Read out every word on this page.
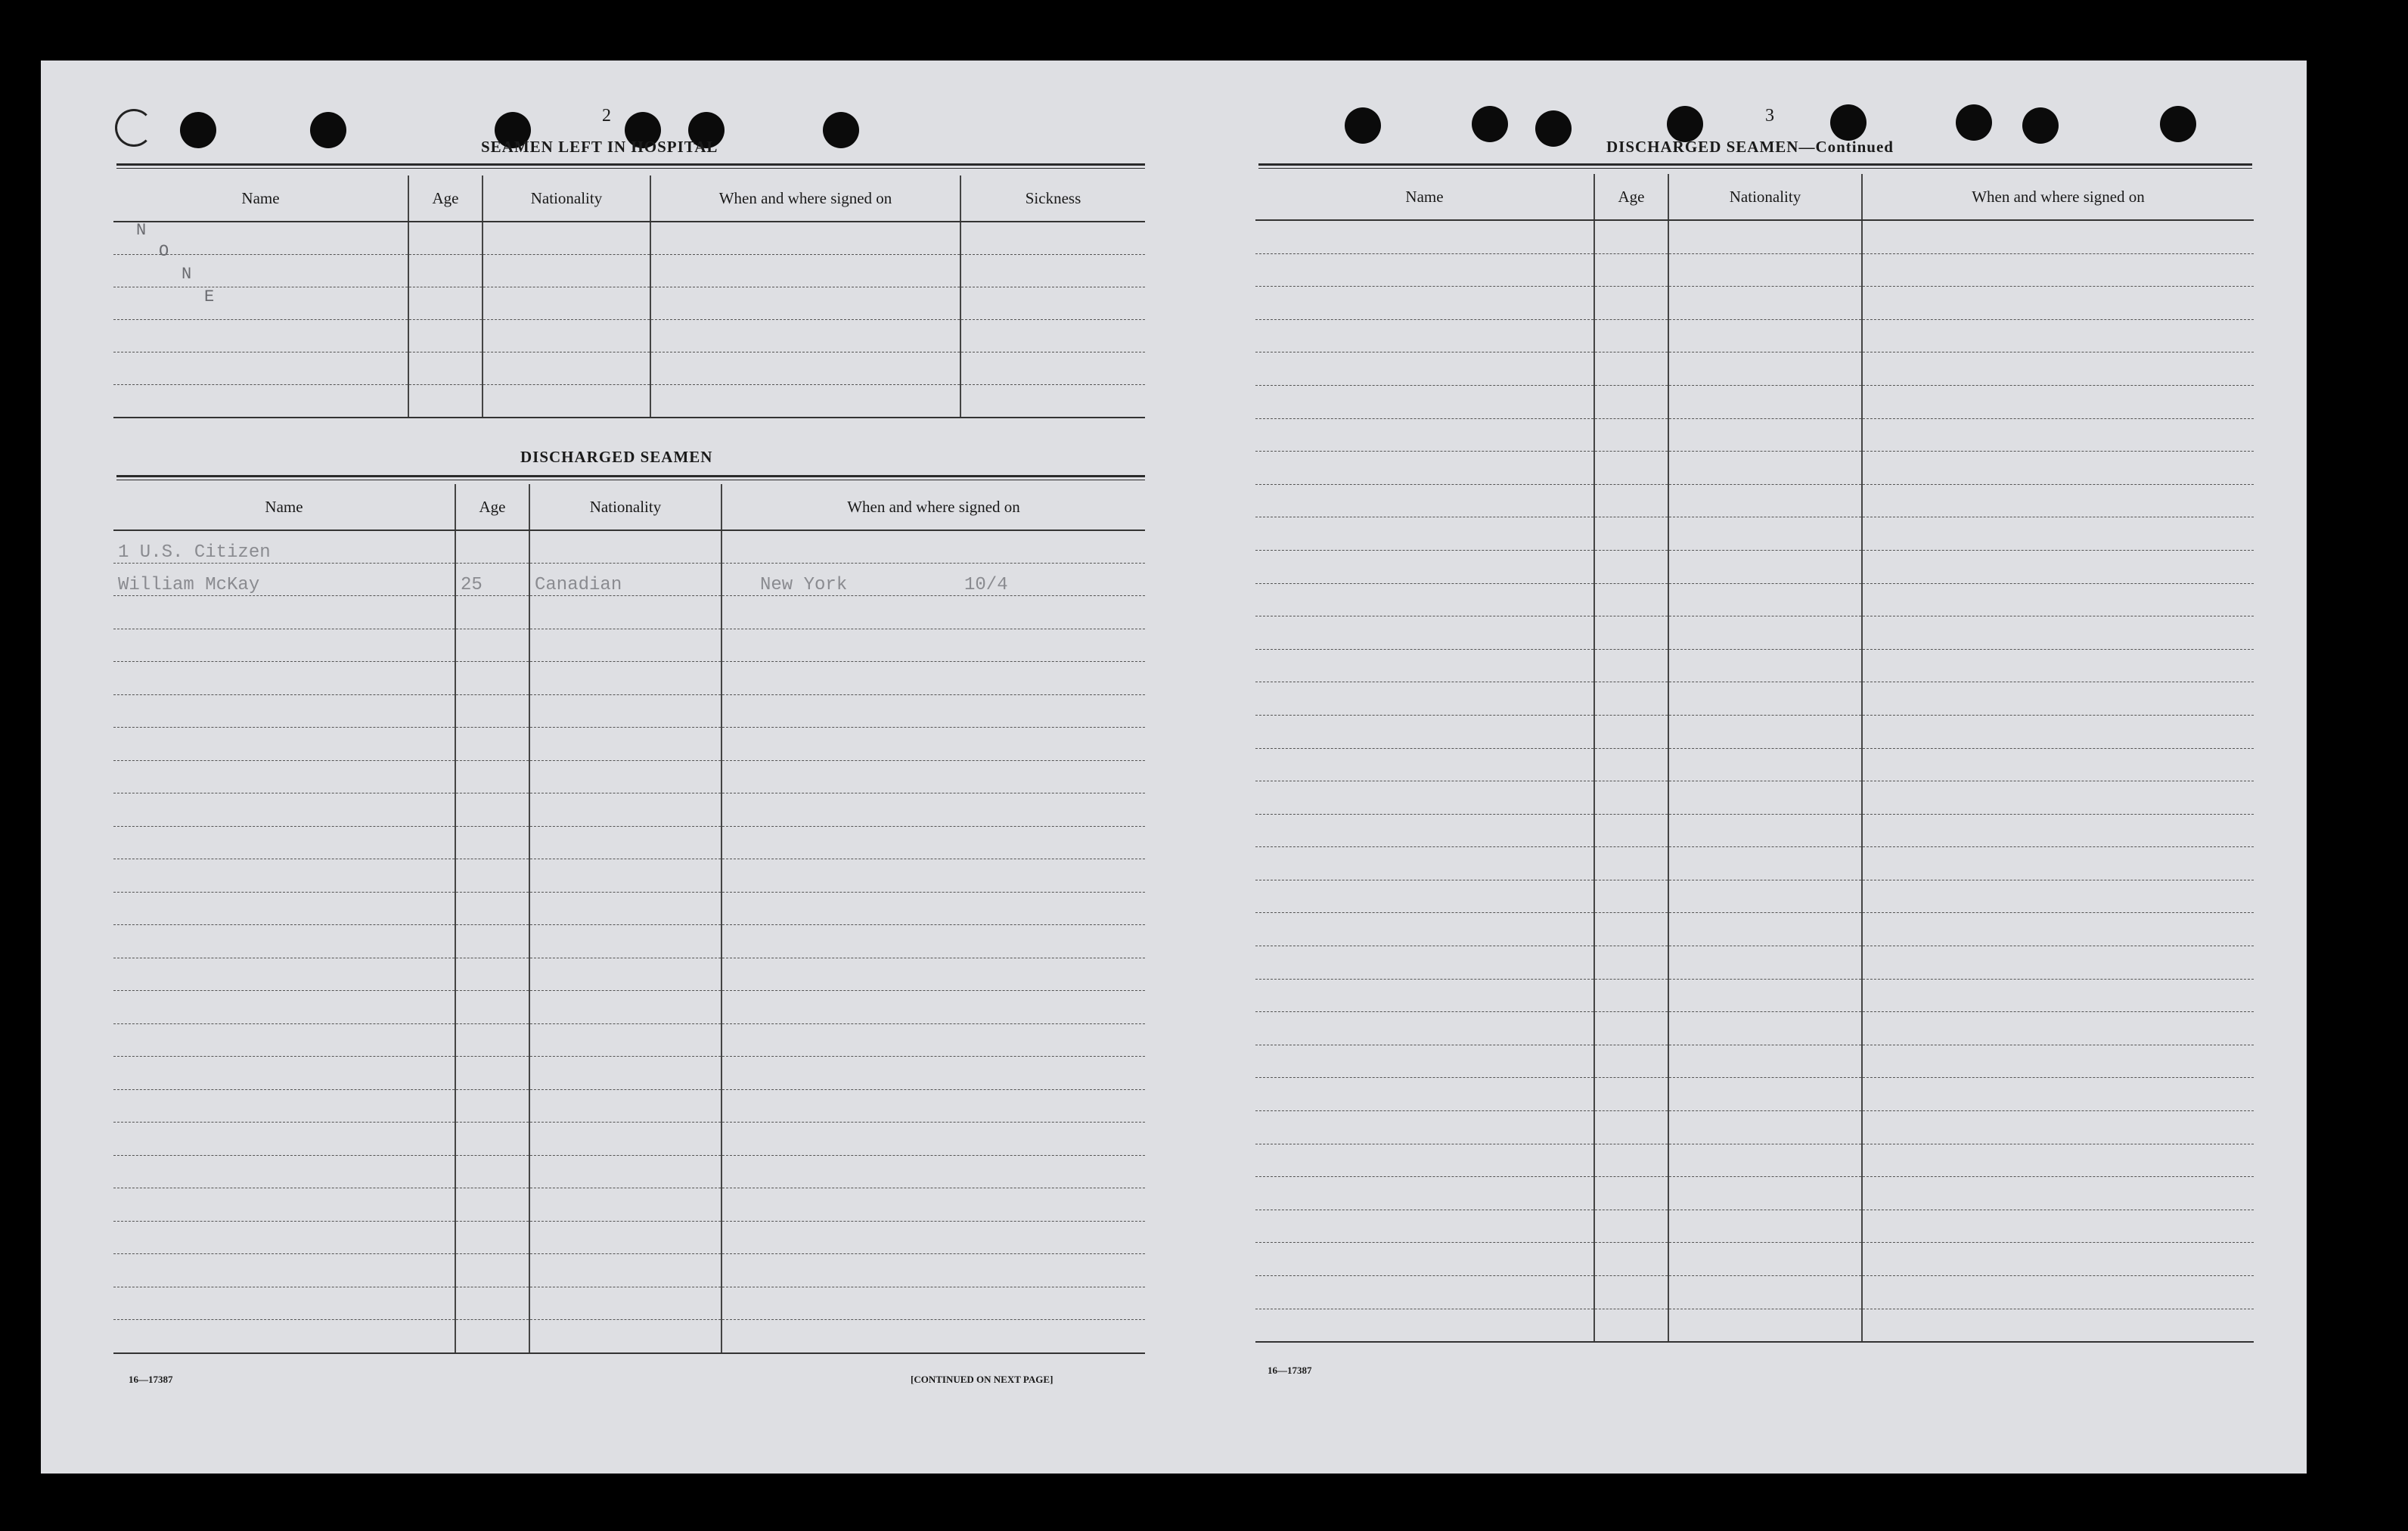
2
SEAMEN LEFT IN HOSPITAL
Name	Age	Nationality	When and where signed on	Sickness

N
O
N
E
DISCHARGED SEAMEN
Name	Age	Nationality	When and where signed on
1 U.S. Citizen			
William McKay	25	Canadian	New York 10/4

16—17387	[CONTINUED ON NEXT PAGE]
3
DISCHARGED SEAMEN—Continued
Name	Age	Nationality	When and where signed on

16—17387
